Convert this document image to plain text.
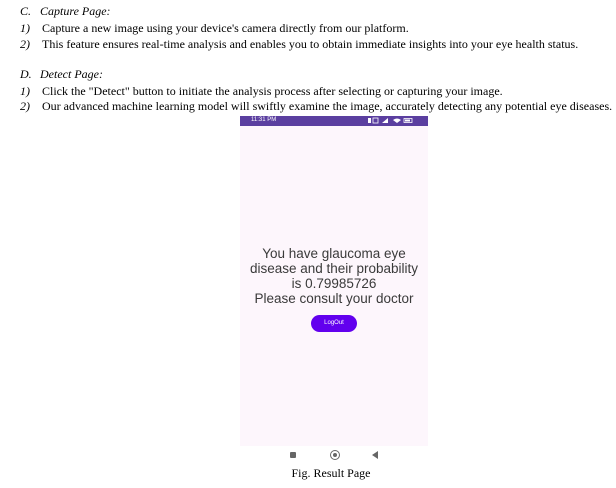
C. Capture Page:
1) Capture a new image using your device's camera directly from our platform.
2) This feature ensures real-time analysis and enables you to obtain immediate insights into your eye health status.
D. Detect Page:
1) Click the "Detect" button to initiate the analysis process after selecting or capturing your image.
2) Our advanced machine learning model will swiftly examine the image, accurately detecting any potential eye diseases.
11:31 PM
You have glaucoma eye
disease and their probability
is 0.79985726
Please consult your doctor
LogOut
Fig. Result Page
